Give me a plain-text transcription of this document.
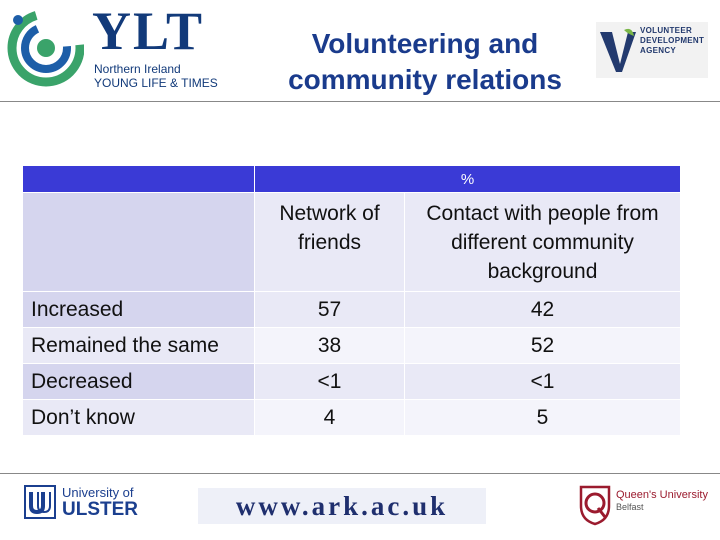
YLT
Northern Ireland
YOUNG LIFE & TIMES
Volunteering and
community relations
VOLUNTEER
DEVELOPMENT
AGENCY
	%	
	Network of friends	Contact with people from different community background
Increased	57	42
Remained the same	38	52
Decreased	<1	<1
Don’t know	4	5
University of
ULSTER	www.ark.ac.uk	Queen's University
Belfast
